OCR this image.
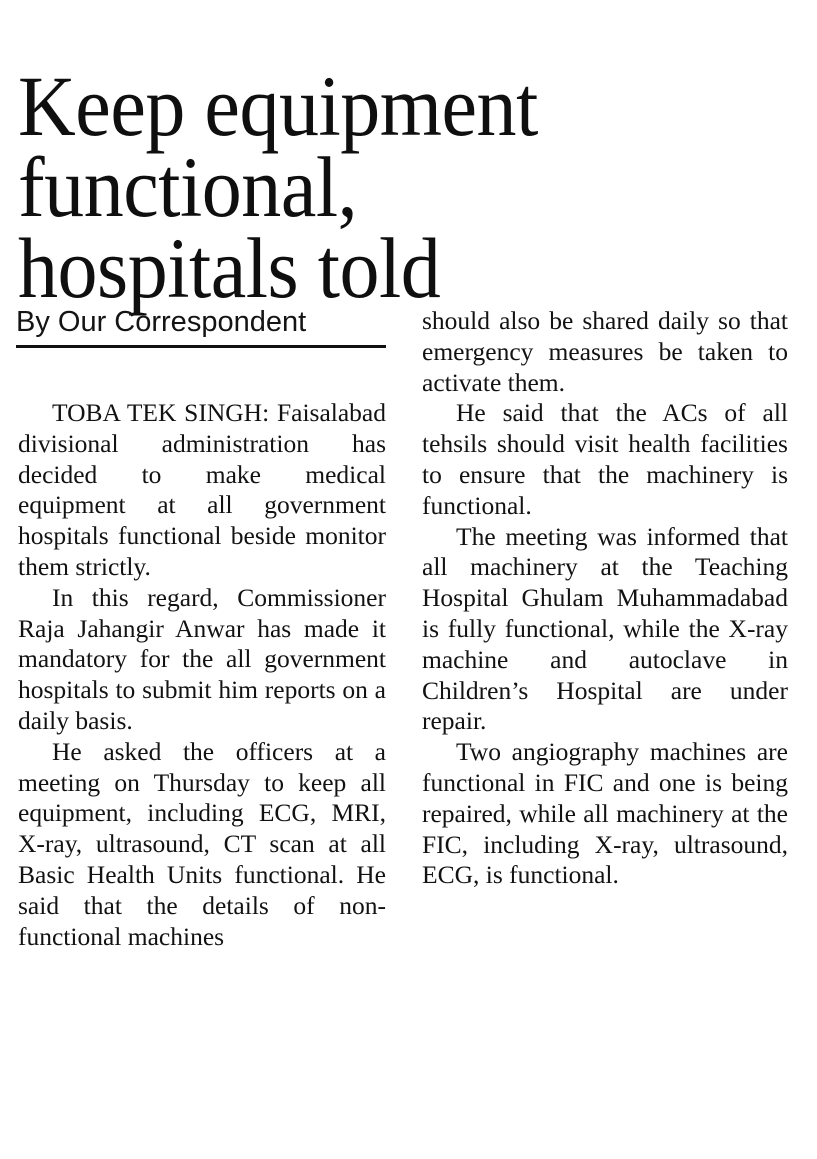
Keep equipment
functional,
hospitals told
By Our Correspondent

TOBA TEK SINGH: Faisalabad divisional administration has decided to make medical equipment at all government hospitals functional beside monitor them strictly.

In this regard, Commissioner Raja Jahangir Anwar has made it mandatory for the all government hospitals to submit him reports on a daily basis.

He asked the officers at a meeting on Thursday to keep all equipment, including ECG, MRI, X-ray, ultrasound, CT scan at all Basic Health Units functional. He said that the details of non-functional machines

should also be shared daily so that emergency measures be taken to activate them.

He said that the ACs of all tehsils should visit health facilities to ensure that the machinery is functional.

The meeting was informed that all machinery at the Teaching Hospital Ghulam Muhammadabad is fully functional, while the X-ray machine and autoclave in Children’s Hospital are under repair.

Two angiography machines are functional in FIC and one is being repaired, while all machinery at the FIC, including X-ray, ultrasound, ECG, is functional.
